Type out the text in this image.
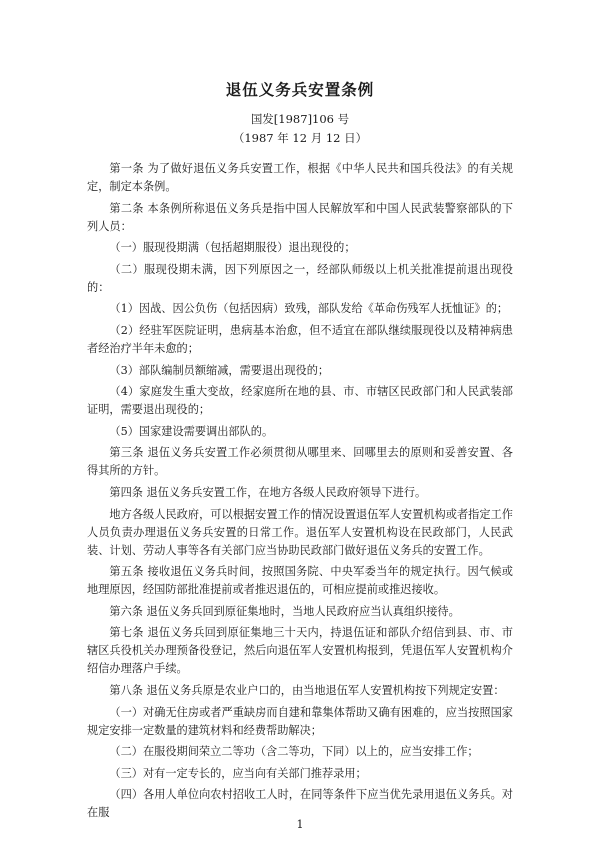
退伍义务兵安置条例
国发[1987]106 号
（1987 年 12 月 12 日）

第一条 为了做好退伍义务兵安置工作，根据《中华人民共和国兵役法》的有关规定，制定本条例。

第二条 本条例所称退伍义务兵是指中国人民解放军和中国人民武装警察部队的下列人员：

（一）服现役期满（包括超期服役）退出现役的；

（二）服现役期未满，因下列原因之一，经部队师级以上机关批准提前退出现役的：

（1）因战、因公负伤（包括因病）致残，部队发给《革命伤残军人抚恤证》的；

（2）经驻军医院证明，患病基本治愈，但不适宜在部队继续服现役以及精神病患者经治疗半年未愈的；

（3）部队编制员额缩减，需要退出现役的；

（4）家庭发生重大变故，经家庭所在地的县、市、市辖区民政部门和人民武装部证明，需要退出现役的；

（5）国家建设需要调出部队的。

第三条 退伍义务兵安置工作必须贯彻从哪里来、回哪里去的原则和妥善安置、各得其所的方针。

第四条 退伍义务兵安置工作，在地方各级人民政府领导下进行。

地方各级人民政府，可以根据安置工作的情况设置退伍军人安置机构或者指定工作人员负责办理退伍义务兵安置的日常工作。退伍军人安置机构设在民政部门，人民武装、计划、劳动人事等各有关部门应当协助民政部门做好退伍义务兵的安置工作。

第五条 接收退伍义务兵时间，按照国务院、中央军委当年的规定执行。因气候或地理原因，经国防部批准提前或者推迟退伍的，可相应提前或推迟接收。

第六条 退伍义务兵回到原征集地时，当地人民政府应当认真组织接待。

第七条 退伍义务兵回到原征集地三十天内，持退伍证和部队介绍信到县、市、市辖区兵役机关办理预备役登记，然后向退伍军人安置机构报到，凭退伍军人安置机构介绍信办理落户手续。

第八条 退伍义务兵原是农业户口的，由当地退伍军人安置机构按下列规定安置：

（一）对确无住房或者严重缺房而自建和靠集体帮助又确有困难的，应当按照国家规定安排一定数量的建筑材料和经费帮助解决；

（二）在服役期间荣立二等功（含二等功，下同）以上的，应当安排工作；

（三）对有一定专长的，应当向有关部门推荐录用；

（四）各用人单位向农村招收工人时，在同等条件下应当优先录用退伍义务兵。对在服

1
